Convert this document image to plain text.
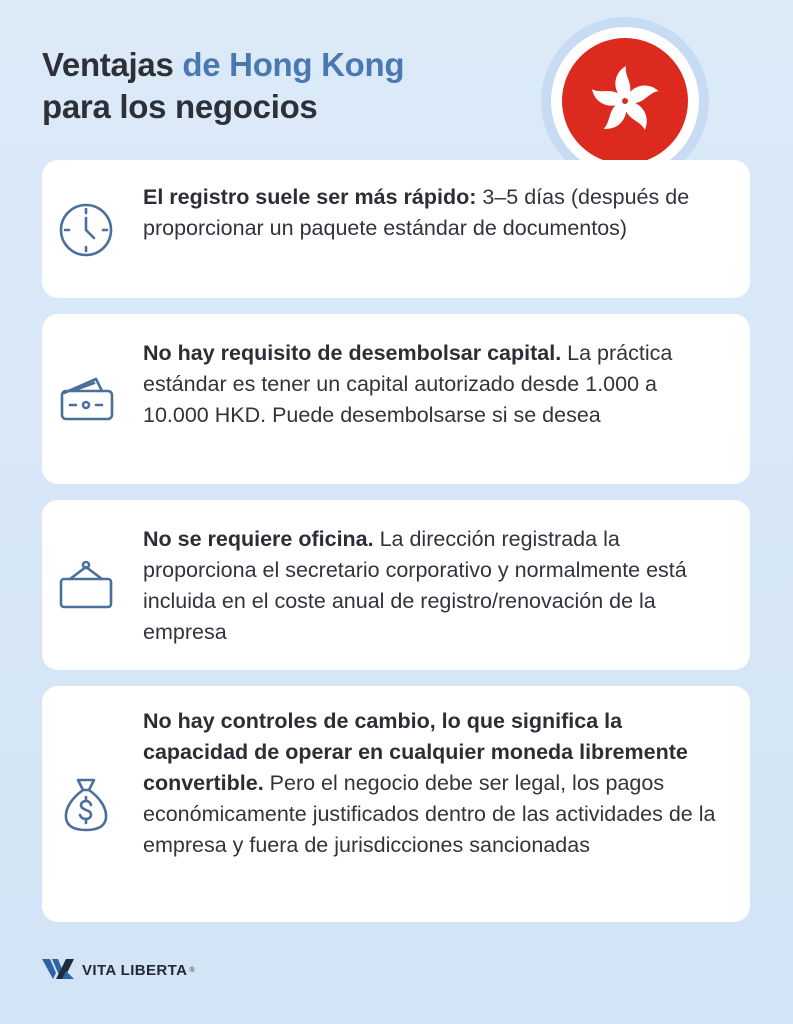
Ventajas de Hong Kong
para los negocios
El registro suele ser más rápido: 3–5 días (después de proporcionar un paquete estándar de documentos)
No hay requisito de desembolsar capital. La práctica estándar es tener un capital autorizado desde 1.000 a 10.000 HKD. Puede desembolsarse si se desea
No se requiere oficina. La dirección registrada la proporciona el secretario corporativo y normalmente está incluida en el coste anual de registro/renovación de la empresa
No hay controles de cambio, lo que significa la capacidad de operar en cualquier moneda libremente convertible. Pero el negocio debe ser legal, los pagos económicamente justificados dentro de las actividades de la empresa y fuera de jurisdicciones sancionadas
VITA LIBERTA ®
